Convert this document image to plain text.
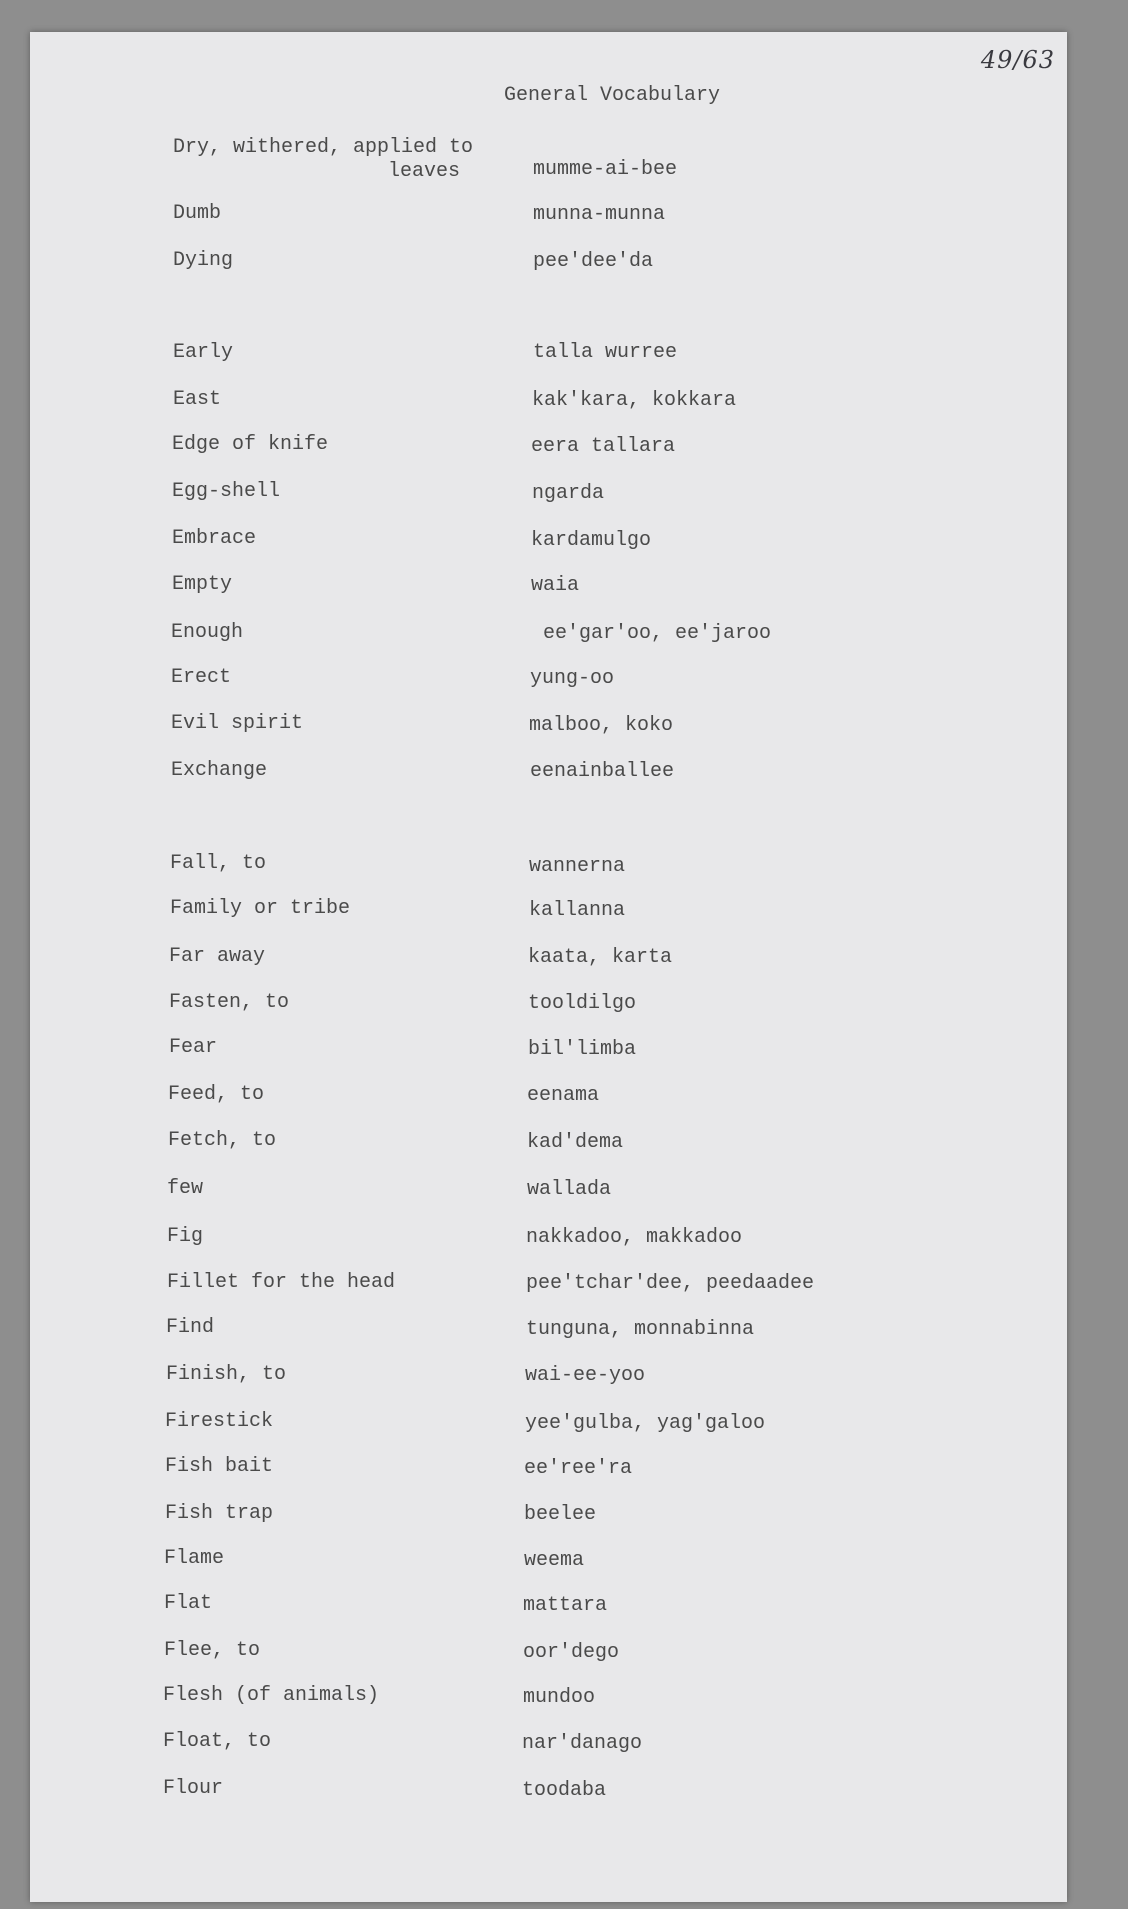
49/63
General Vocabulary
Dry, withered, applied to
leaves	mumme-ai-bee
Dumb	munna-munna
Dying	pee'dee'da
Early	talla wurree
East	kak'kara, kokkara
Edge of knife	eera tallara
Egg-shell	ngarda
Embrace	kardamulgo
Empty	waia
Enough	ee'gar'oo, ee'jaroo
Erect	yung-oo
Evil spirit	malboo, koko
Exchange	eenainballee
Fall, to	wannerna
Family or tribe	kallanna
Far away	kaata, karta
Fasten, to	tooldilgo
Fear	bil'limba
Feed, to	eenama
Fetch, to	kad'dema
few	wallada
Fig	nakkadoo, makkadoo
Fillet for the head	pee'tchar'dee, peedaadee
Find	tunguna, monnabinna
Finish, to	wai-ee-yoo
Firestick	yee'gulba, yag'galoo
Fish bait	ee'ree'ra
Fish trap	beelee
Flame	weema
Flat	mattara
Flee, to	oor'dego
Flesh (of animals)	mundoo
Float, to	nar'danago
Flour	toodaba
